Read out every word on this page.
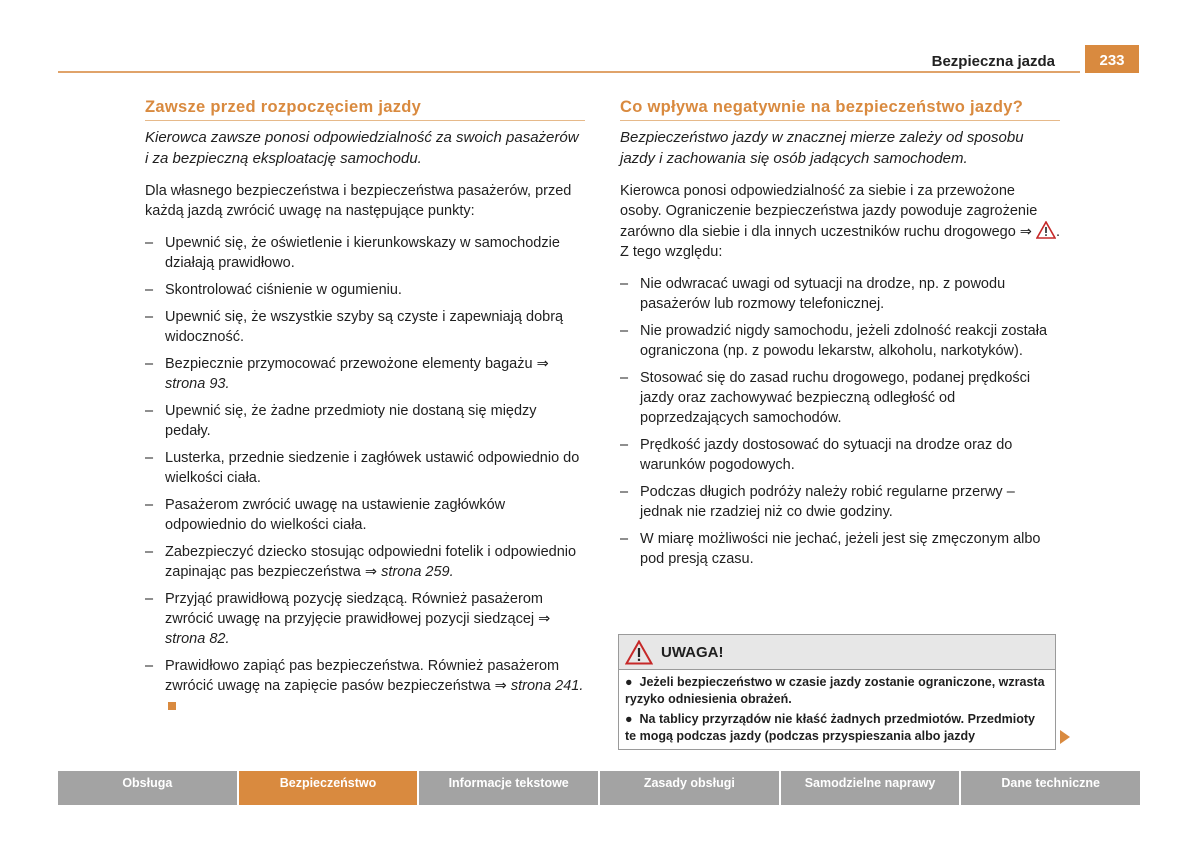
Bezpieczna jazda	233
Zawsze przed rozpoczęciem jazdy
Kierowca zawsze ponosi odpowiedzialność za swoich pasażerów i za bezpieczną eksploatację samochodu.

Dla własnego bezpieczeństwa i bezpieczeństwa pasażerów, przed każdą jazdą zwrócić uwagę na następujące punkty:

– Upewnić się, że oświetlenie i kierunkowskazy w samochodzie działają prawidłowo.
– Skontrolować ciśnienie w ogumieniu.
– Upewnić się, że wszystkie szyby są czyste i zapewniają dobrą widoczność.
– Bezpiecznie przymocować przewożone elementy bagażu ⇒ strona 93.
– Upewnić się, że żadne przedmioty nie dostaną się między pedały.
– Lusterka, przednie siedzenie i zagłówek ustawić odpowiednio do wielkości ciała.
– Pasażerom zwrócić uwagę na ustawienie zagłówków odpowiednio do wielkości ciała.
– Zabezpieczyć dziecko stosując odpowiedni fotelik i odpowiednio zapinając pas bezpieczeństwa ⇒ strona 259.
– Przyjąć prawidłową pozycję siedzącą. Również pasażerom zwrócić uwagę na przyjęcie prawidłowej pozycji siedzącej ⇒ strona 82.
– Prawidłowo zapiąć pas bezpieczeństwa. Również pasażerom zwrócić uwagę na zapięcie pasów bezpieczeństwa ⇒ strona 241.
Co wpływa negatywnie na bezpieczeństwo jazdy?
Bezpieczeństwo jazdy w znacznej mierze zależy od sposobu jazdy i zachowania się osób jadących samochodem.

Kierowca ponosi odpowiedzialność za siebie i za przewożone osoby. Ograniczenie bezpieczeństwa jazdy powoduje zagrożenie zarówno dla siebie i dla innych uczestników ruchu drogowego ⇒ . Z tego względu:

– Nie odwracać uwagi od sytuacji na drodze, np. z powodu pasażerów lub rozmowy telefonicznej.
– Nie prowadzić nigdy samochodu, jeżeli zdolność reakcji została ograniczona (np. z powodu lekarstw, alkoholu, narkotyków).
– Stosować się do zasad ruchu drogowego, podanej prędkości jazdy oraz zachowywać bezpieczną odległość od poprzedzających samochodów.
– Prędkość jazdy dostosować do sytuacji na drodze oraz do warunków pogodowych.
– Podczas długich podróży należy robić regularne przerwy – jednak nie rzadziej niż co dwie godziny.
– W miarę możliwości nie jechać, jeżeli jest się zmęczonym albo pod presją czasu.
UWAGA!

● Jeżeli bezpieczeństwo w czasie jazdy zostanie ograniczone, wzrasta ryzyko odniesienia obrażeń.

● Na tablicy przyrządów nie kłaść żadnych przedmiotów. Przedmioty te mogą podczas jazdy (podczas przyspieszania albo jazdy

Obsługa	Bezpieczeństwo	Informacje tekstowe	Zasady obsługi	Samodzielne naprawy	Dane techniczne
